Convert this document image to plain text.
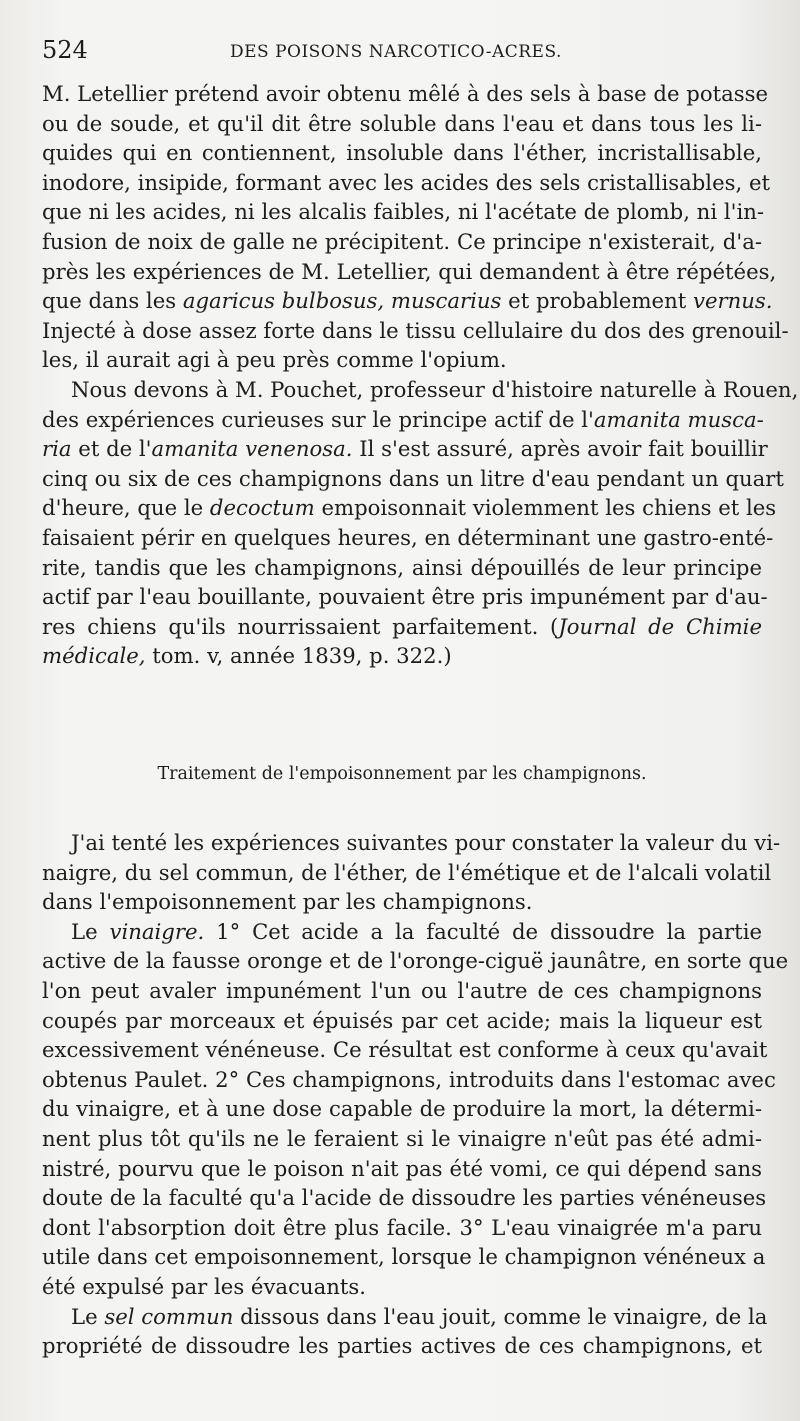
524	DES POISONS NARCOTICO-ACRES.
M. Letellier prétend avoir obtenu mêlé à des sels à base de potasse
ou de soude, et qu'il dit être soluble dans l'eau et dans tous les li-
quides qui en contiennent, insoluble dans l'éther, incristallisable,
inodore, insipide, formant avec les acides des sels cristallisables, et
que ni les acides, ni les alcalis faibles, ni l'acétate de plomb, ni l'in-
fusion de noix de galle ne précipitent. Ce principe n'existerait, d'a-
près les expériences de M. Letellier, qui demandent à être répétées,
que dans les agaricus bulbosus, muscarius et probablement vernus.
Injecté à dose assez forte dans le tissu cellulaire du dos des grenouil-
les, il aurait agi à peu près comme l'opium.
Nous devons à M. Pouchet, professeur d'histoire naturelle à Rouen,
des expériences curieuses sur le principe actif de l'amanita musca-
ria et de l'amanita venenosa. Il s'est assuré, après avoir fait bouillir
cinq ou six de ces champignons dans un litre d'eau pendant un quart
d'heure, que le decoctum empoisonnait violemment les chiens et les
faisaient périr en quelques heures, en déterminant une gastro-enté-
rite, tandis que les champignons, ainsi dépouillés de leur principe
actif par l'eau bouillante, pouvaient être pris impunément par d'au-
res chiens qu'ils nourrissaient parfaitement. (Journal de Chimie
médicale, tom. v, année 1839, p. 322.)
Traitement de l'empoisonnement par les champignons.
J'ai tenté les expériences suivantes pour constater la valeur du vi-
naigre, du sel commun, de l'éther, de l'émétique et de l'alcali volatil
dans l'empoisonnement par les champignons.
Le vinaigre. 1° Cet acide a la faculté de dissoudre la partie
active de la fausse oronge et de l'oronge-ciguë jaunâtre, en sorte que
l'on peut avaler impunément l'un ou l'autre de ces champignons
coupés par morceaux et épuisés par cet acide; mais la liqueur est
excessivement vénéneuse. Ce résultat est conforme à ceux qu'avait
obtenus Paulet. 2° Ces champignons, introduits dans l'estomac avec
du vinaigre, et à une dose capable de produire la mort, la détermi-
nent plus tôt qu'ils ne le feraient si le vinaigre n'eût pas été admi-
nistré, pourvu que le poison n'ait pas été vomi, ce qui dépend sans
doute de la faculté qu'a l'acide de dissoudre les parties vénéneuses
dont l'absorption doit être plus facile. 3° L'eau vinaigrée m'a paru
utile dans cet empoisonnement, lorsque le champignon vénéneux a
été expulsé par les évacuants.
Le sel commun dissous dans l'eau jouit, comme le vinaigre, de la
propriété de dissoudre les parties actives de ces champignons, et
